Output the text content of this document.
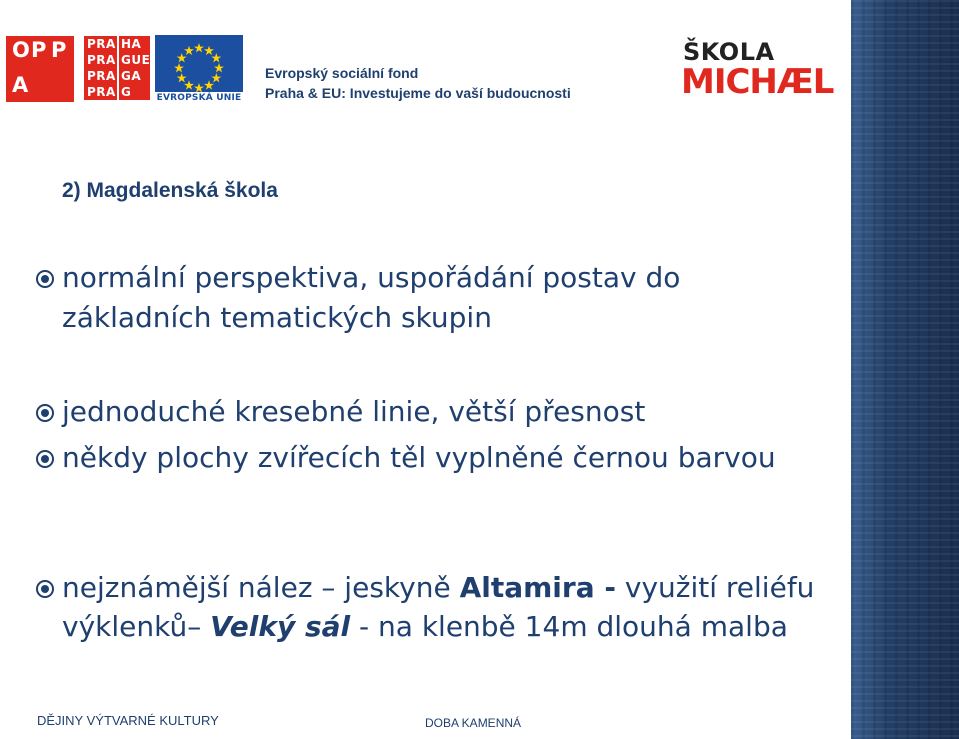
O P P
A
PRA HA
PRA GUE
PRA GA
PRA G	EVROPSKÁ UNIE
Evropský sociální fond
Praha & EU: Investujeme do vaší budoucnosti
ŠKOLA
MICHÆL
2) Magdalenská škola
normální perspektiva, uspořádání postav do základních tematických skupin
jednoduché kresebné linie, větší přesnost
někdy plochy zvířecích těl vyplněné černou barvou
nejznámější nález – jeskyně Altamira - využití reliéfu výklenků– Velký sál - na klenbě 14m dlouhá malba
DĚJINY VÝTVARNÉ KULTURY	DOBA KAMENNÁ
